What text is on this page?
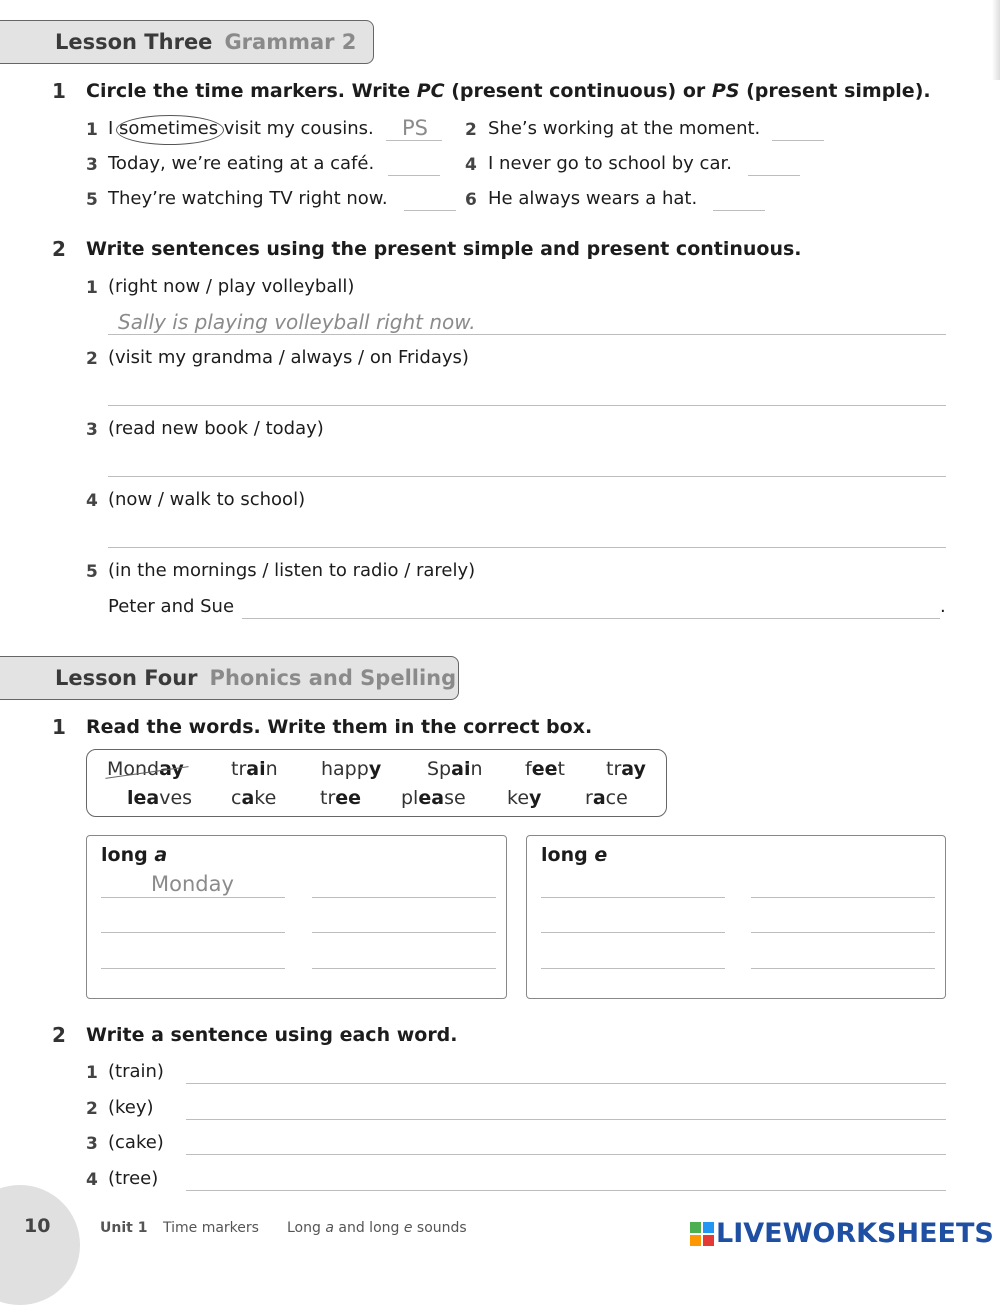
Lesson Three Grammar 2
1 Circle the time markers. Write PC (present continuous) or PS (present simple).
1 I sometimes visit my cousins. PS 2 She’s working at the moment.
3 Today, we’re eating at a café.	4 I never go to school by car.
5 They’re watching TV right now.	6 He always wears a hat.
2 Write sentences using the present simple and present continuous.
1 (right now / play volleyball)
Sally is playing volleyball right now.
2 (visit my grandma / always / on Fridays)
3 (read new book / today)
4 (now / walk to school)
5 (in the mornings / listen to radio / rarely)
Peter and Sue	.
Lesson Four Phonics and Spelling
1 Read the words. Write them in the correct box.
Monday train happy Spain feet tray
leaves cake tree please key race
long a
Monday
long e
2 Write a sentence using each word.
1 (train)
2 (key)
3 (cake)
4 (tree)
10	Unit 1 Time markers Long a and long e sounds	LIVEWORKSHEETS
